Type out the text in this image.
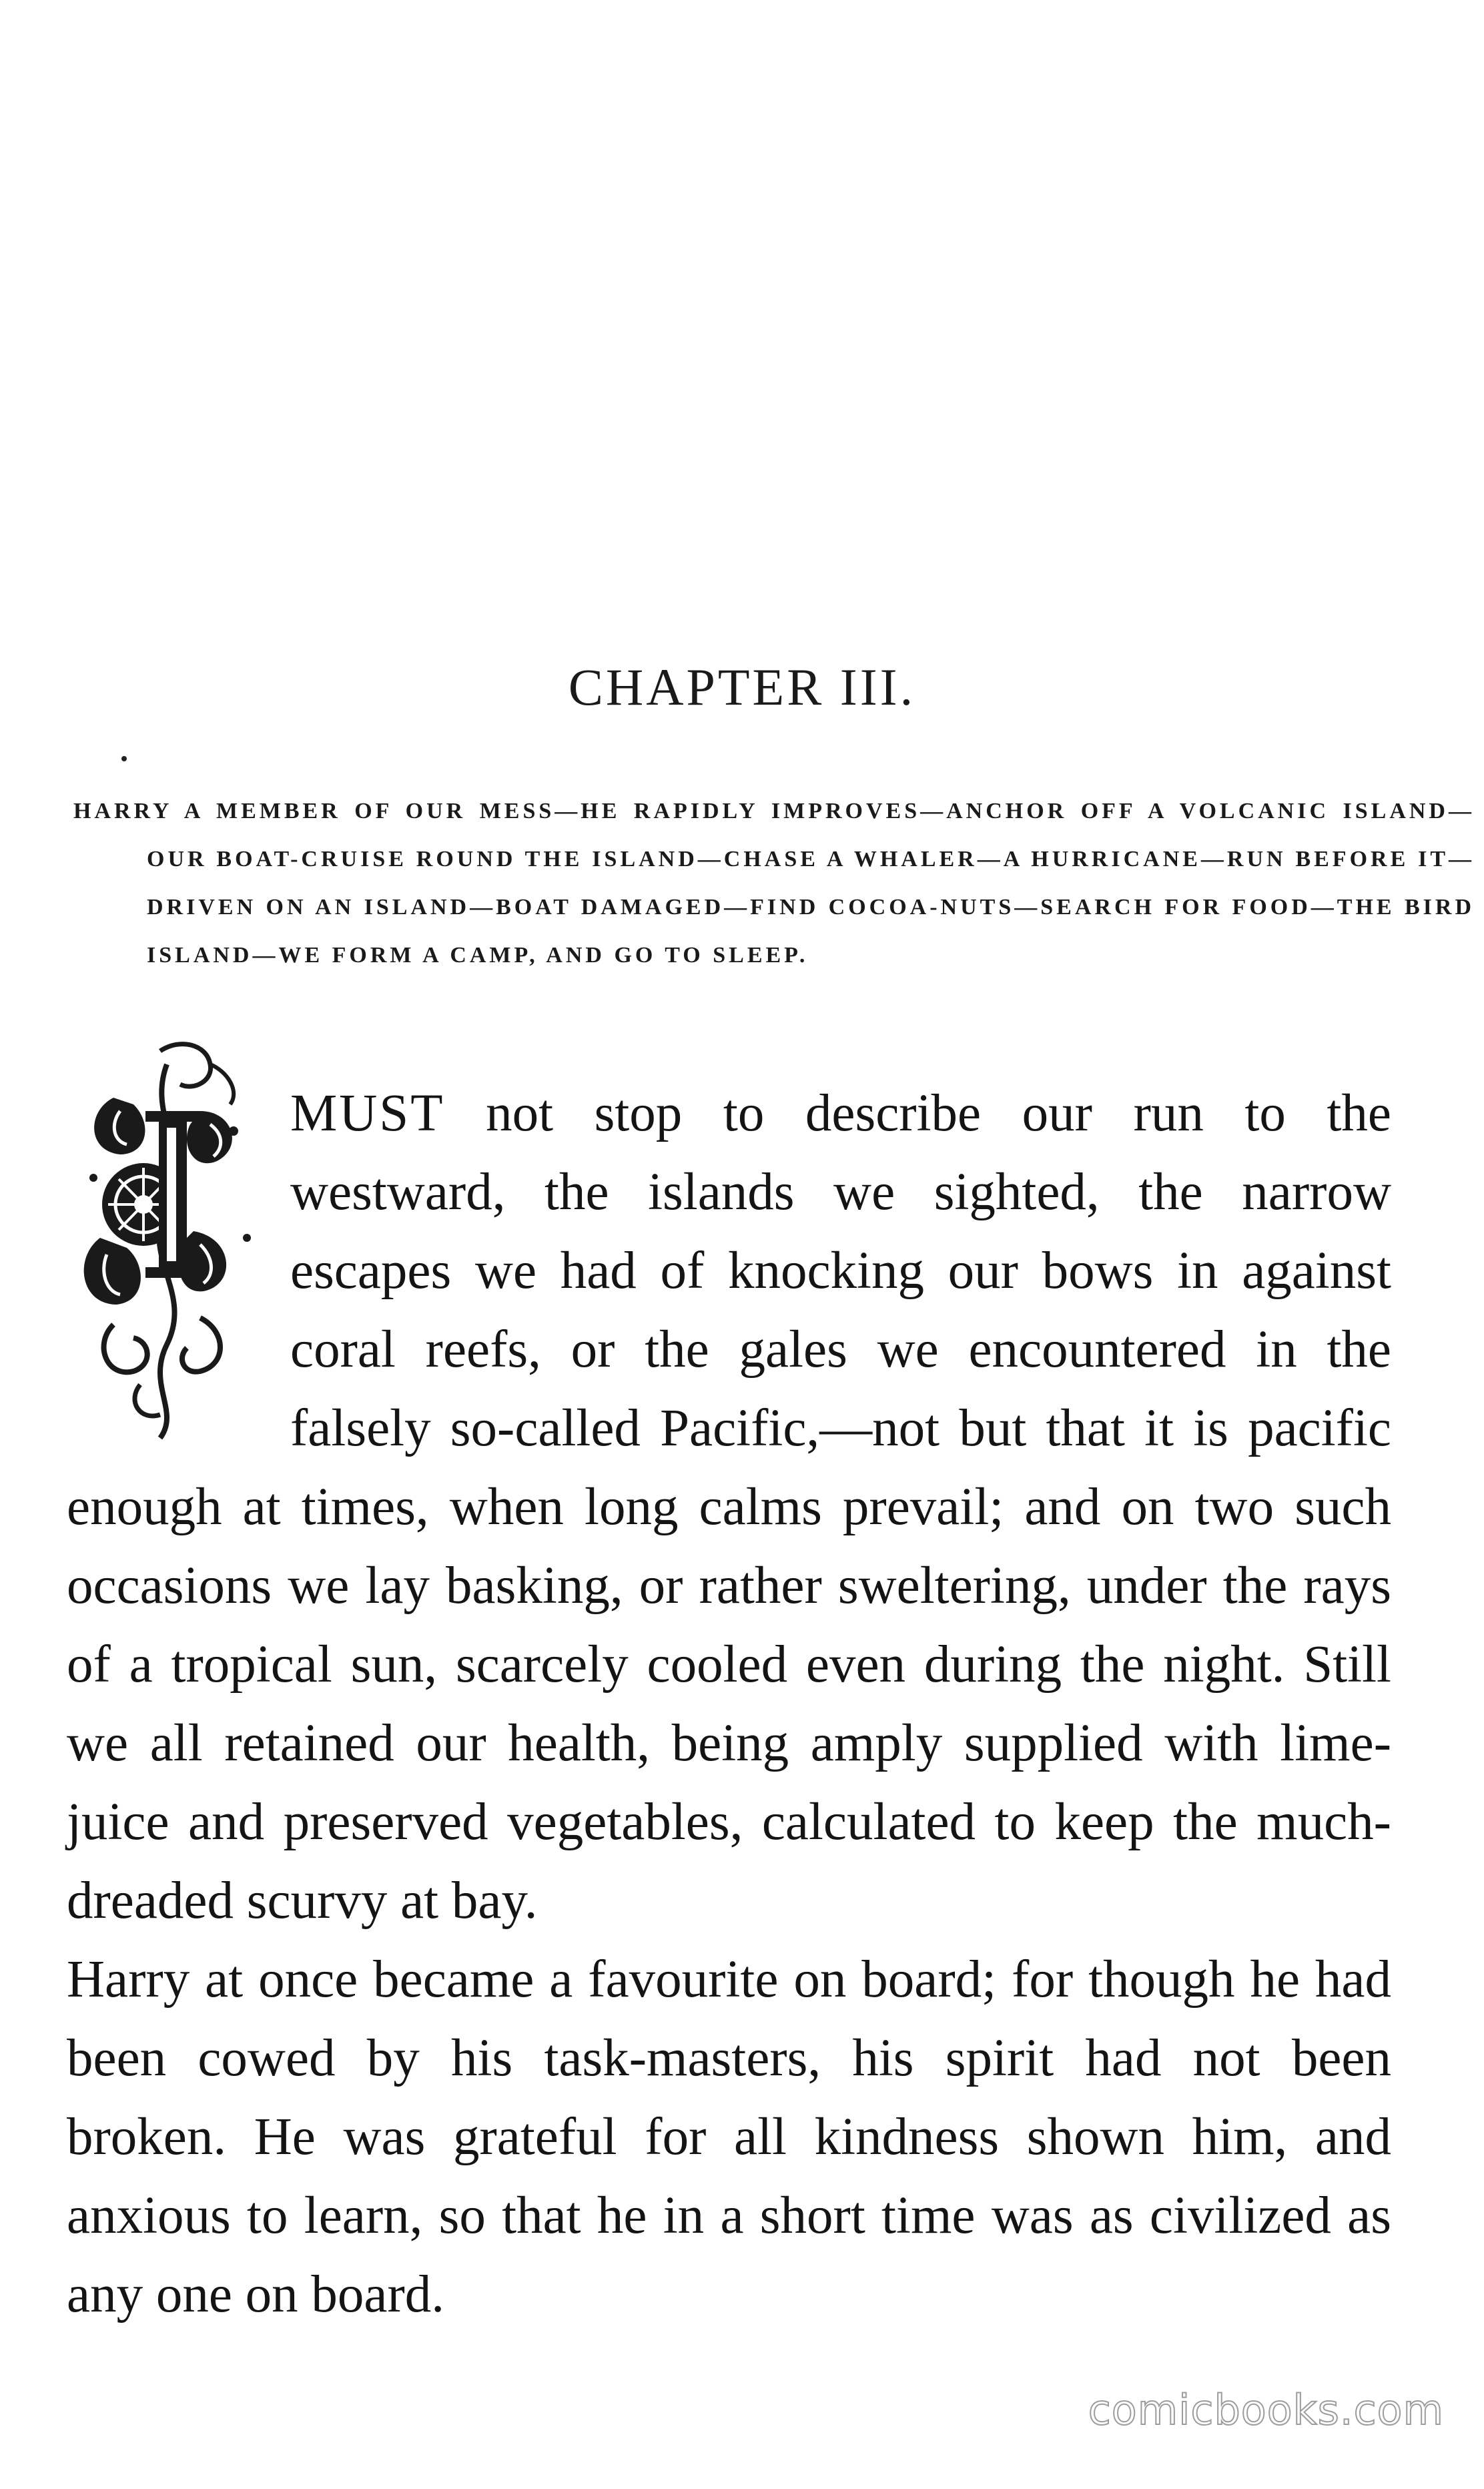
CHAPTER III.
HARRY A MEMBER OF OUR MESS—HE RAPIDLY IMPROVES—ANCHOR OFF A VOLCANIC ISLAND—OUR BOAT-CRUISE ROUND THE ISLAND—CHASE A WHALER—A HURRICANE—RUN BEFORE IT—DRIVEN ON AN ISLAND—BOAT DAMAGED—FIND COCOA-NUTS—SEARCH FOR FOOD—THE BIRD ISLAND—WE FORM A CAMP, AND GO TO SLEEP.

MUST not stop to describe our run to the westward, the islands we sighted, the narrow escapes we had of knocking our bows in against coral reefs, or the gales we encountered in the falsely so-called Pacific,—not but that it is pacific enough at times, when long calms prevail; and on two such occasions we lay basking, or rather sweltering, under the rays of a tropical sun, scarcely cooled even during the night. Still we all retained our health, being amply supplied with lime-juice and preserved vegetables, calculated to keep the much-dreaded scurvy at bay.

Harry at once became a favourite on board; for though he had been cowed by his task-masters, his spirit had not been broken. He was grateful for all kindness shown him, and anxious to learn, so that he in a short time was as civilized as any one on board.

comicbooks.com
